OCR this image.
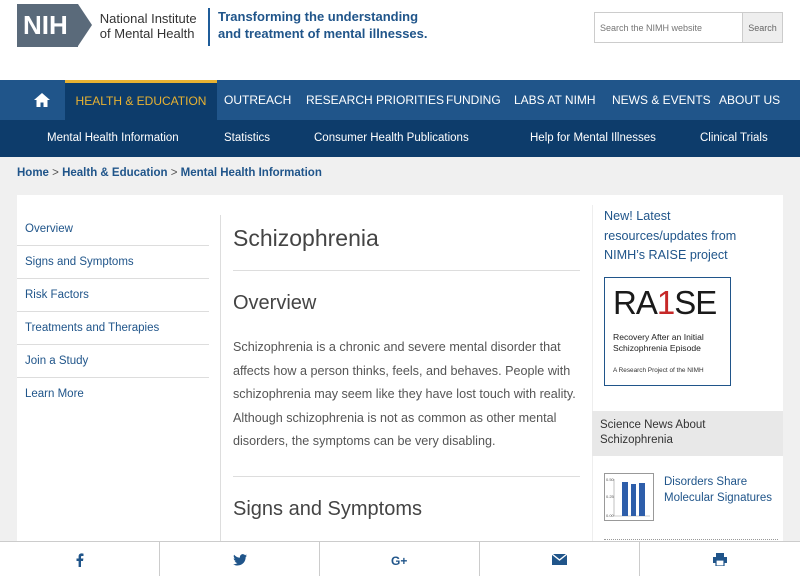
NIH	National Institute
of Mental Health
Transforming the understanding
and treatment of mental illnesses.
Search the NIMH website	Search
HEALTH & EDUCATION	OUTREACH RESEARCH PRIORITIES FUNDING LABS AT NIMH NEWS & EVENTS ABOUT US
Mental Health Information	Statistics	Consumer Health Publications	Help for Mental Illnesses	Clinical Trials
Home > Health & Education > Mental Health Information
Overview
Signs and Symptoms
Risk Factors
Treatments and Therapies
Join a Study
Learn More
Schizophrenia
Overview

Schizophrenia is a chronic and severe mental disorder that affects how a person thinks, feels, and behaves. People with schizophrenia may seem like they have lost touch with reality. Although schizophrenia is not as common as other mental disorders, the symptoms can be very disabling.

Signs and Symptoms
New! Latest resources/updates from NIMH’s RAISE project
RA1SE
Recovery After an Initial Schizophrenia Episode
A Research Project of the NIMH
Science News About Schizophrenia
0.50
0.25
0.00
Disorders Share Molecular Signatures
G+
